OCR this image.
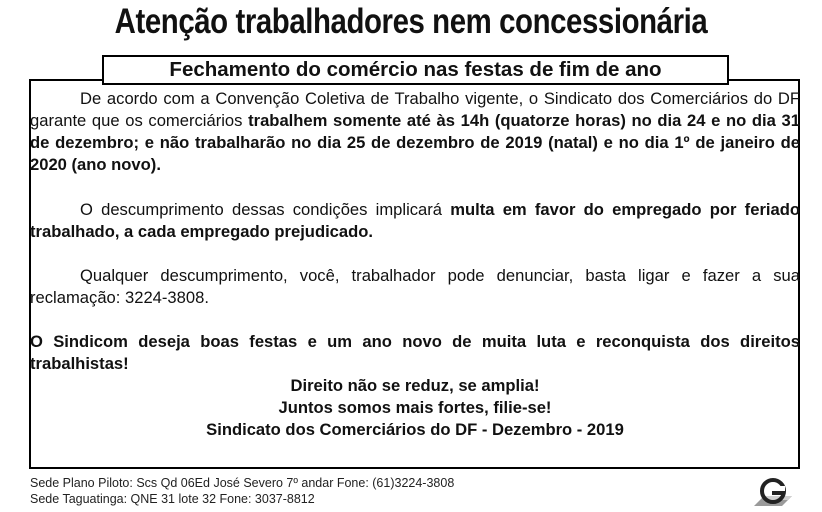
Atenção trabalhadores nem concessionária
Fechamento do comércio nas festas de fim de ano

De acordo com a Convenção Coletiva de Trabalho vigente, o Sindicato dos Comerciários do DF garante que os comerciários trabalhem somente até às 14h (quatorze horas) no dia 24 e no dia 31 de dezembro; e não trabalharão no dia 25 de dezembro de 2019 (natal) e no dia 1º de janeiro de 2020 (ano novo).

O descumprimento dessas condições implicará multa em favor do empregado por feriado trabalhado, a cada empregado prejudicado.

Qualquer descumprimento, você, trabalhador pode denunciar, basta ligar e fazer a sua reclamação: 3224-3808.

O Sindicom deseja boas festas e um ano novo de muita luta e reconquista dos direitos trabalhistas!

Direito não se reduz, se amplia!
Juntos somos mais fortes, filie-se!
Sindicato dos Comerciários do DF - Dezembro - 2019
Sede Plano Piloto: Scs Qd 06Ed José Severo 7º andar Fone: (61)3224-3808
Sede Taguatinga: QNE 31 lote 32 Fone: 3037-8812
